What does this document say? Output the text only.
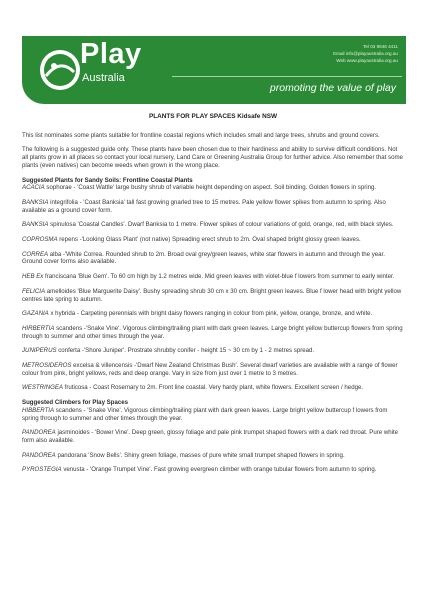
Play
Australia
Tel 03 9846 4411
Email info@playaustralia.org.au
Web www.playaustralia.org.au
promoting the value of play
PLANTS FOR PLAY SPACES Kidsafe NSW

This list nominates some plants suitable for frontline coastal regions which includes small and large trees, shrubs and ground covers.

The following is a suggested guide only. These plants have been chosen due to their hardiness and ability to survive difficult conditions. Not all plants grow in all places so contact your local nursery, Land Care or Greening Australia Group for further advice. Also remember that some plants (even natives) can become weeds when grown in the wrong place.

Suggested Plants for Sandy Soils: Frontline Coastal Plants

ACACIA sophorae - 'Coast Wattle' large bushy shrub of variable height depending on aspect. Soil binding. Golden flowers in spring.

BANKSIA integrifolia - 'Coast Banksia' tall fast growing gnarled tree to 15 metres. Pale yellow flower spikes from autumn to spring. Also available as a ground cover form.

BANKSIA spinulosa 'Coastal Candles'. Dwarf Banksia to 1 metre. Flower spikes of colour variations of gold, orange, red, with black styles.

COPROSMA repens -'Looking Glass Plant' (not native) Spreading erect shrub to 2m. Oval shaped bright glossy green leaves.

CORREA alba -'White Correa. Rounded shrub to 2m. Broad oval grey/green leaves, white star flowers in autumn and through the year. Ground cover forms also available.

HEB Ex franciscana 'Blue Gem'. To 60 cm high by 1.2 metres wide. Mid green leaves with violet-blue f lowers from summer to early winter.

FELICIA amelloides 'Blue Marguerite Daisy'. Bushy spreading shrub 30 cm x 30 cm. Bright green leaves. Blue f lower head with bright yellow centres late spring to autumn.

GAZANIA x hybrida - Carpeting perennials with bright daisy flowers ranging in colour from pink, yellow, orange, bronze, and white.

HIRBERTIA scandens -'Snake Vine'. Vigorous climbing/trailing plant with dark green leaves. Large bright yellow buttercup flowers from spring through to summer and other times through the year.

JUNIPERUS conferta -'Shore Juniper'. Prostrate shrubby conifer - height 15 ~ 30 cm by 1 - 2 metres spread.

METROSIDEROS excelsa & villencensis -'Dwarf New Zealand Christmas Bush'. Several dwarf varieties are available with a range of flower colour from pink, bright yellows, reds and deep orange. Vary in size from just over 1 metre to 3 metres.

WESTRINGEA fruticosa - Coast Rosemary to 2m. Front line coastal. Very hardy plant, white flowers. Excellent screen / hedge.

Suggested Climbers for Play Spaces

HIBBERTIA scandens - 'Snake Vine'. Vigorous climbing/trailing plant with dark green leaves. Large bright yellow buttercup f lowers from spring through to summer and other times through the year.

PANDOREA jasminoides - 'Bower Vine'. Deep green, glossy foliage and pale pink trumpet shaped flowers with a dark red throat. Pure white form also available.

PANDOREA pandorana 'Snow Bells'. Shiny green foliage, masses of pure white small trumpet shaped flowers in spring.

PYROSTEGIA venusta - 'Orange Trumpet Vine'. Fast growing evergreen climber with orange tubular flowers from autumn to spring.
